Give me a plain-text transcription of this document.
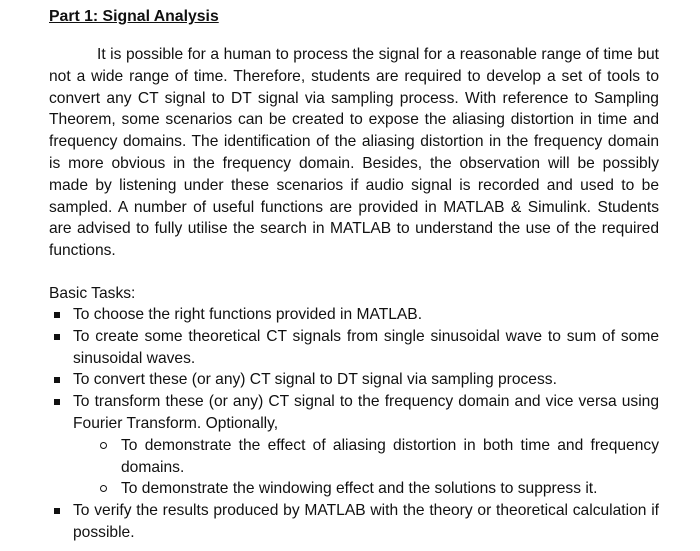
Part 1: Signal Analysis

It is possible for a human to process the signal for a reasonable range of time but not a wide range of time. Therefore, students are required to develop a set of tools to convert any CT signal to DT signal via sampling process. With reference to Sampling Theorem, some scenarios can be created to expose the aliasing distortion in time and frequency domains. The identification of the aliasing distortion in the frequency domain is more obvious in the frequency domain. Besides, the observation will be possibly made by listening under these scenarios if audio signal is recorded and used to be sampled. A number of useful functions are provided in MATLAB & Simulink. Students are advised to fully utilise the search in MATLAB to understand the use of the required functions.

Basic Tasks:
To choose the right functions provided in MATLAB.
To create some theoretical CT signals from single sinusoidal wave to sum of some sinusoidal waves.
To convert these (or any) CT signal to DT signal via sampling process.
To transform these (or any) CT signal to the frequency domain and vice versa using Fourier Transform. Optionally,
To demonstrate the effect of aliasing distortion in both time and frequency domains.
To demonstrate the windowing effect and the solutions to suppress it.
To verify the results produced by MATLAB with the theory or theoretical calculation if possible.
